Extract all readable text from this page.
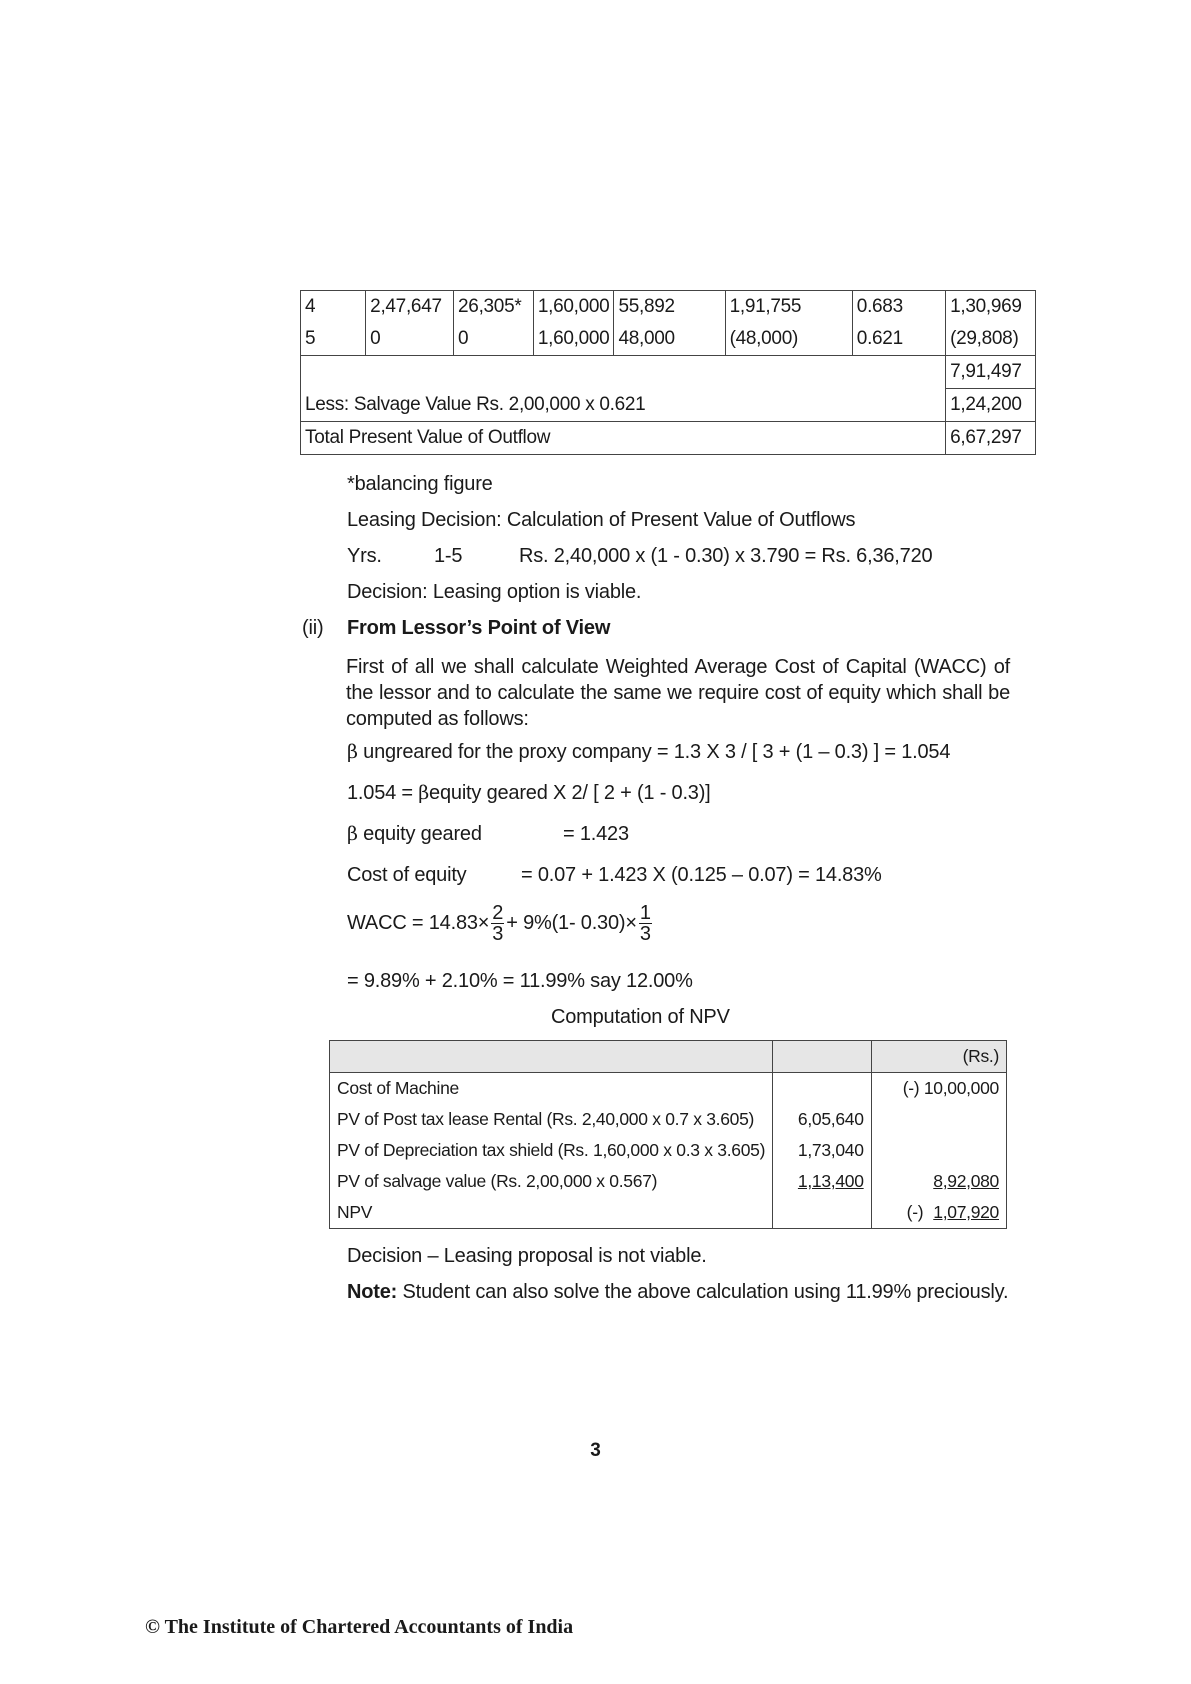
4	2,47,647	26,305*	1,60,000	55,892	1,91,755	0.683	1,30,969
5	0	0	1,60,000	48,000	(48,000)	0.621	(29,808)
							7,91,497
Less: Salvage Value Rs. 2,00,000 x 0.621							1,24,200
Total Present Value of Outflow							6,67,297
*balancing figure
Leasing Decision: Calculation of Present Value of Outflows
Yrs.	1-5	Rs. 2,40,000 x (1 - 0.30) x 3.790 = Rs. 6,36,720
Decision: Leasing option is viable.
(ii) From Lessor’s Point of View
First of all we shall calculate Weighted Average Cost of Capital (WACC) of the lessor and to calculate the same we require cost of equity which shall be computed as follows:
β ungreared for the proxy company = 1.3 X 3 / [ 3 + (1 – 0.3) ] = 1.054
1.054 = βequity geared X 2/ [ 2 + (1 - 0.3)]
β equity geared	= 1.423
Cost of equity	= 0.07 + 1.423 X (0.125 – 0.07) = 14.83%
WACC = $14.83\times \frac{2}{3} + 9\%(1-$ $0.30)\times \frac{1}{3}$
= 9.89% + 2.10% = 11.99% say 12.00%
Computation of NPV
		(Rs.)
Cost of Machine		(-) 10,00,000
PV of Post tax lease Rental (Rs. 2,40,000 x 0.7 x 3.605)	6,05,640	
PV of Depreciation tax shield (Rs. 1,60,000 x 0.3 x 3.605)	1,73,040	
PV of salvage value (Rs. 2,00,000 x 0.567)	1,13,400	8,92,080
NPV		(-) 1,07,920
Decision – Leasing proposal is not viable.
Note: Student can also solve the above calculation using 11.99% preciously.
3
© The Institute of Chartered Accountants of India
